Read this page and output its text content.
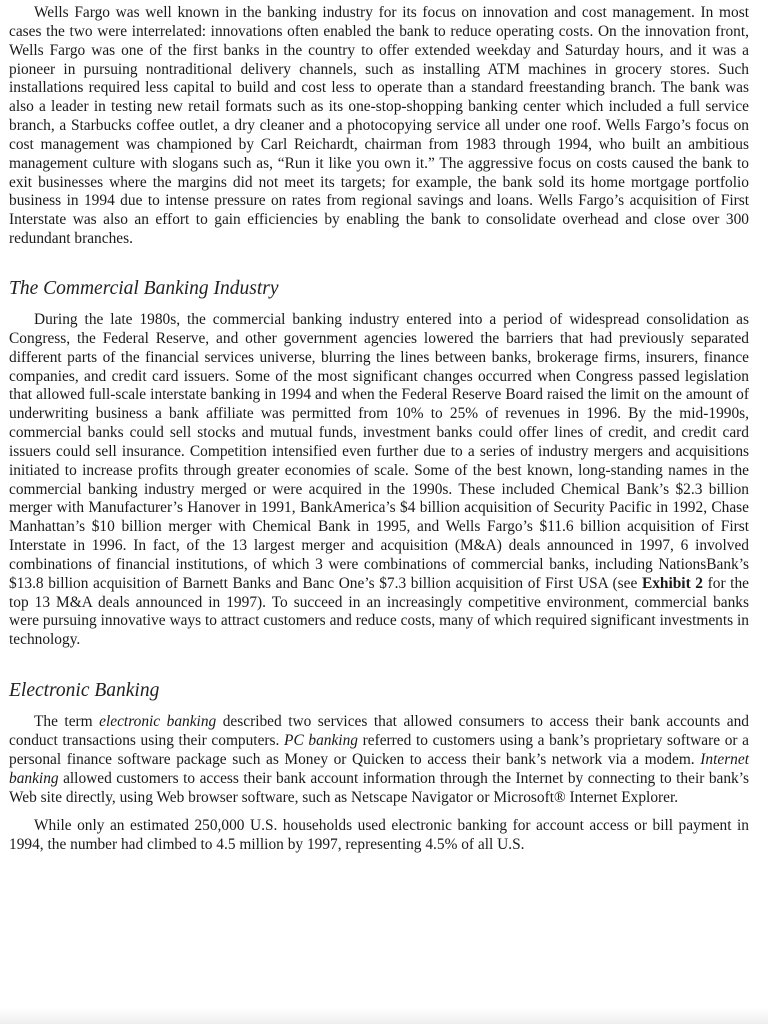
Wells Fargo was well known in the banking industry for its focus on innovation and cost management. In most cases the two were interrelated: innovations often enabled the bank to reduce operating costs. On the innovation front, Wells Fargo was one of the first banks in the country to offer extended weekday and Saturday hours, and it was a pioneer in pursuing nontraditional delivery channels, such as installing ATM machines in grocery stores. Such installations required less capital to build and cost less to operate than a standard freestanding branch. The bank was also a leader in testing new retail formats such as its one-stop-shopping banking center which included a full service branch, a Starbucks coffee outlet, a dry cleaner and a photocopying service all under one roof. Wells Fargo’s focus on cost management was championed by Carl Reichardt, chairman from 1983 through 1994, who built an ambitious management culture with slogans such as, “Run it like you own it.” The aggressive focus on costs caused the bank to exit businesses where the margins did not meet its targets; for example, the bank sold its home mortgage portfolio business in 1994 due to intense pressure on rates from regional savings and loans. Wells Fargo’s acquisition of First Interstate was also an effort to gain efficiencies by enabling the bank to consolidate overhead and close over 300 redundant branches.

The Commercial Banking Industry

During the late 1980s, the commercial banking industry entered into a period of widespread consolidation as Congress, the Federal Reserve, and other government agencies lowered the barriers that had previously separated different parts of the financial services universe, blurring the lines between banks, brokerage firms, insurers, finance companies, and credit card issuers. Some of the most significant changes occurred when Congress passed legislation that allowed full-scale interstate banking in 1994 and when the Federal Reserve Board raised the limit on the amount of underwriting business a bank affiliate was permitted from 10% to 25% of revenues in 1996. By the mid-1990s, commercial banks could sell stocks and mutual funds, investment banks could offer lines of credit, and credit card issuers could sell insurance. Competition intensified even further due to a series of industry mergers and acquisitions initiated to increase profits through greater economies of scale. Some of the best known, long-standing names in the commercial banking industry merged or were acquired in the 1990s. These included Chemical Bank’s $2.3 billion merger with Manufacturer’s Hanover in 1991, BankAmerica’s $4 billion acquisition of Security Pacific in 1992, Chase Manhattan’s $10 billion merger with Chemical Bank in 1995, and Wells Fargo’s $11.6 billion acquisition of First Interstate in 1996. In fact, of the 13 largest merger and acquisition (M&A) deals announced in 1997, 6 involved combinations of financial institutions, of which 3 were combinations of commercial banks, including NationsBank’s $13.8 billion acquisition of Barnett Banks and Banc One’s $7.3 billion acquisition of First USA (see Exhibit 2 for the top 13 M&A deals announced in 1997). To succeed in an increasingly competitive environment, commercial banks were pursuing innovative ways to attract customers and reduce costs, many of which required significant investments in technology.

Electronic Banking

The term electronic banking described two services that allowed consumers to access their bank accounts and conduct transactions using their computers. PC banking referred to customers using a bank’s proprietary software or a personal finance software package such as Money or Quicken to access their bank’s network via a modem. Internet banking allowed customers to access their bank account information through the Internet by connecting to their bank’s Web site directly, using Web browser software, such as Netscape Navigator or Microsoft® Internet Explorer.

While only an estimated 250,000 U.S. households used electronic banking for account access or bill payment in 1994, the number had climbed to 4.5 million by 1997, representing 4.5% of all U.S.
